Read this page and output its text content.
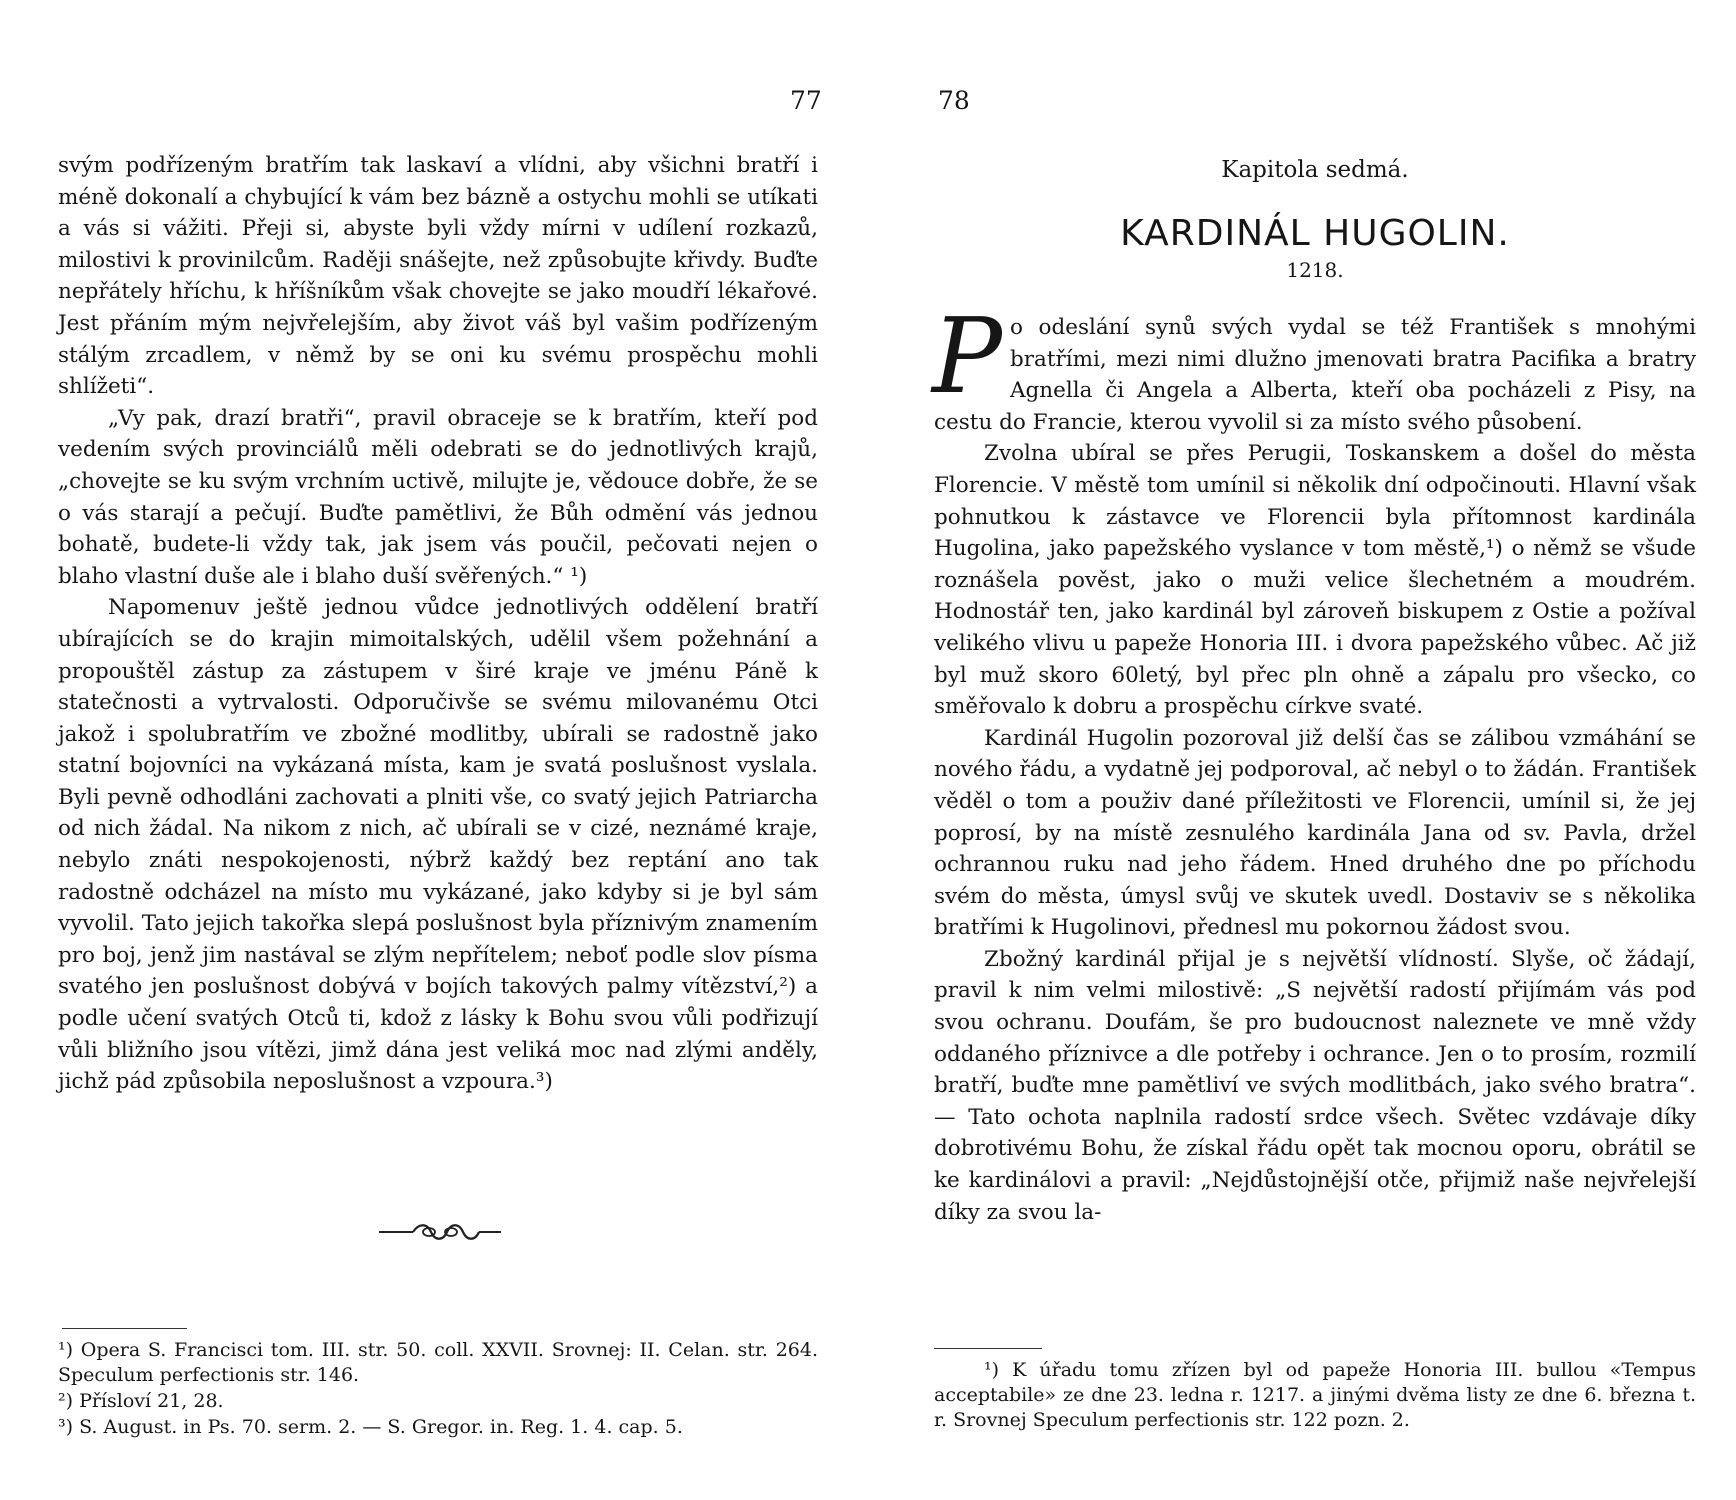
77

svým podřízeným bratřím tak laskaví a vlídni, aby všichni bratří i méně dokonalí a chybující k vám bez bázně a ostychu mohli se utíkati a vás si vážiti. Přeji si, abyste byli vždy mírni v udílení rozkazů, milostivi k provinilcům. Raději snášejte, než způsobujte křivdy. Buďte nepřátely hříchu, k hříšníkům však chovejte se jako moudří lékařové. Jest přáním mým nejvřelejším, aby život váš byl vašim podřízeným stálým zrcadlem, v němž by se oni ku svému prospěchu mohli shlížeti“.

„Vy pak, drazí bratři“, pravil obraceje se k bratřím, kteří pod vedením svých provinciálů měli odebrati se do jednotlivých krajů, „chovejte se ku svým vrchním uctivě, milujte je, vědouce dobře, že se o vás starají a pečují. Buďte pamětlivi, že Bůh odmění vás jednou bohatě, budete-li vždy tak, jak jsem vás poučil, pečovati nejen o blaho vlastní duše ale i blaho duší svěřených.“ ¹)

Napomenuv ještě jednou vůdce jednotlivých oddělení bratří ubírajících se do krajin mimoitalských, udělil všem požehnání a propouštěl zástup za zástupem v širé kraje ve jménu Páně k statečnosti a vytrvalosti. Odporučivše se svému milovanému Otci jakož i spolubratřím ve zbožné modlitby, ubírali se radostně jako statní bojovníci na vykázaná místa, kam je svatá poslušnost vyslala. Byli pevně odhodláni zachovati a plniti vše, co svatý jejich Patriarcha od nich žádal. Na nikom z nich, ač ubírali se v cizé, neznámé kraje, nebylo znáti nespokojenosti, nýbrž každý bez reptání ano tak radostně odcházel na místo mu vykázané, jako kdyby si je byl sám vyvolil. Tato jejich takořka slepá poslušnost byla příznivým znamením pro boj, jenž jim nastával se zlým nepřítelem; neboť podle slov písma svatého jen poslušnost dobývá v bojích takových palmy vítězství,²) a podle učení svatých Otců ti, kdož z lásky k Bohu svou vůli podřizují vůli bližního jsou vítězi, jimž dána jest veliká moc nad zlými anděly, jichž pád způsobila neposlušnost a vzpoura.³)

¹) Opera S. Francisci tom. III. str. 50. coll. XXVII. Srovnej: II. Celan. str. 264. Speculum perfectionis str. 146.

²) Přísloví 21, 28.

³) S. August. in Ps. 70. serm. 2. — S. Gregor. in. Reg. 1. 4. cap. 5.

78
Kapitola sedmá.
KARDINÁL HUGOLIN.
1218.

Po odeslání synů svých vydal se též František s mnohými bratřími, mezi nimi dlužno jmenovati bratra Pacifika a bratry Agnella či Angela a Alberta, kteří oba pocházeli z Pisy, na cestu do Francie, kterou vyvolil si za místo svého působení.

Zvolna ubíral se přes Perugii, Toskanskem a došel do města Florencie. V městě tom umínil si několik dní odpočinouti. Hlavní však pohnutkou k zástavce ve Florencii byla přítomnost kardinála Hugolina, jako papežského vyslance v tom městě,¹) o němž se všude roznášela pověst, jako o muži velice šlechetném a moudrém. Hodnostář ten, jako kardinál byl zároveň biskupem z Ostie a požíval velikého vlivu u papeže Honoria III. i dvora papežského vůbec. Ač již byl muž skoro 60letý, byl přec pln ohně a zápalu pro všecko, co směřovalo k dobru a prospěchu církve svaté.

Kardinál Hugolin pozoroval již delší čas se zálibou vzmáhání se nového řádu, a vydatně jej podporoval, ač nebyl o to žádán. František věděl o tom a použiv dané příležitosti ve Florencii, umínil si, že jej poprosí, by na místě zesnulého kardinála Jana od sv. Pavla, držel ochrannou ruku nad jeho řádem. Hned druhého dne po příchodu svém do města, úmysl svůj ve skutek uvedl. Dostaviv se s několika bratřími k Hugolinovi, přednesl mu pokornou žádost svou.

Zbožný kardinál přijal je s největší vlídností. Slyše, oč žádají, pravil k nim velmi milostivě: „S největší radostí přijímám vás pod svou ochranu. Doufám, še pro budoucnost naleznete ve mně vždy oddaného příznivce a dle potřeby i ochrance. Jen o to prosím, rozmilí bratří, buďte mne pamětliví ve svých modlitbách, jako svého bratra“. — Tato ochota naplnila radostí srdce všech. Světec vzdávaje díky dobrotivému Bohu, že získal řádu opět tak mocnou oporu, obrátil se ke kardinálovi a pravil: „Nejdůstojnější otče, přijmiž naše nejvřelejší díky za svou la-

¹) K úřadu tomu zřízen byl od papeže Honoria III. bullou «Tempus acceptabile» ze dne 23. ledna r. 1217. a jinými dvěma listy ze dne 6. března t. r. Srovnej Speculum perfectionis str. 122 pozn. 2.
